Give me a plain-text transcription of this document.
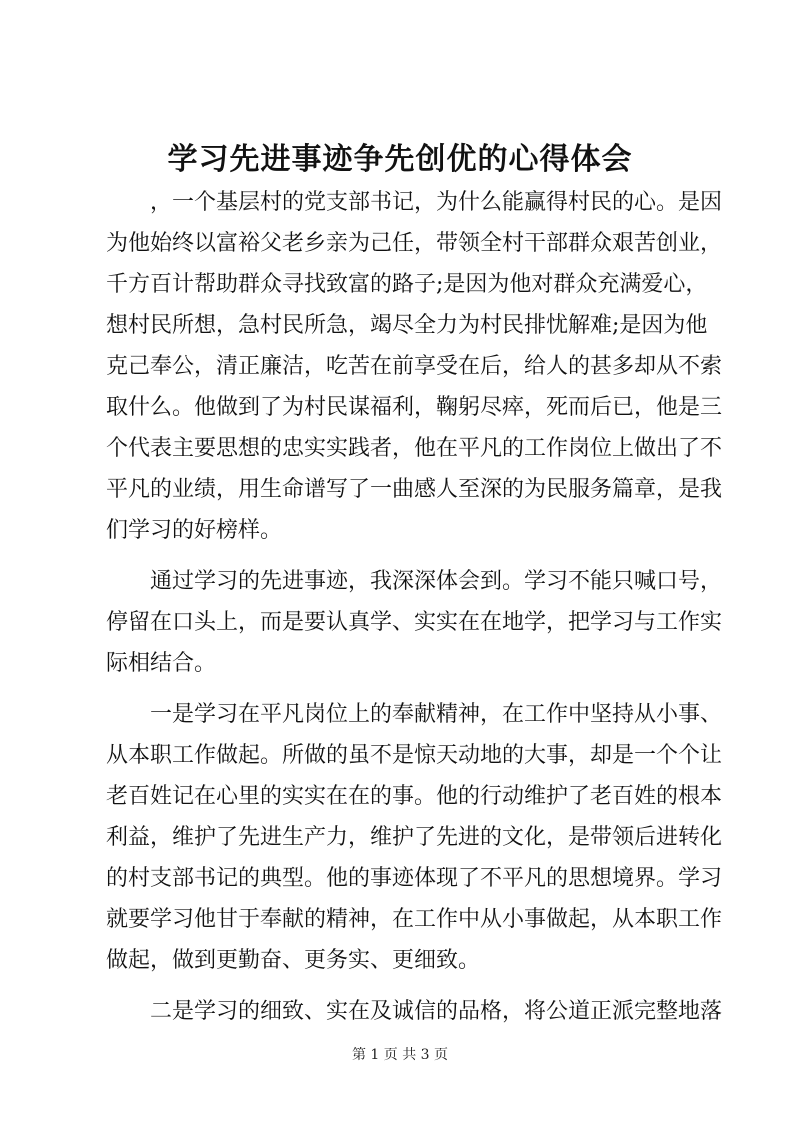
学习先进事迹争先创优的心得体会
　　，一个基层村的党支部书记，为什么能赢得村民的心。是因
为他始终以富裕父老乡亲为己任，带领全村干部群众艰苦创业，
千方百计帮助群众寻找致富的路子;是因为他对群众充满爱心，
想村民所想，急村民所急，竭尽全力为村民排忧解难;是因为他
克己奉公，清正廉洁，吃苦在前享受在后，给人的甚多却从不索
取什么。他做到了为村民谋福利，鞠躬尽瘁，死而后已，他是三
个代表主要思想的忠实实践者，他在平凡的工作岗位上做出了不
平凡的业绩，用生命谱写了一曲感人至深的为民服务篇章，是我
们学习的好榜样。
　　通过学习的先进事迹，我深深体会到。学习不能只喊口号，
停留在口头上，而是要认真学、实实在在地学，把学习与工作实
际相结合。
　　一是学习在平凡岗位上的奉献精神，在工作中坚持从小事、
从本职工作做起。所做的虽不是惊天动地的大事，却是一个个让
老百姓记在心里的实实在在的事。他的行动维护了老百姓的根本
利益，维护了先进生产力，维护了先进的文化，是带领后进转化
的村支部书记的典型。他的事迹体现了不平凡的思想境界。学习
就要学习他甘于奉献的精神，在工作中从小事做起，从本职工作
做起，做到更勤奋、更务实、更细致。
　　二是学习的细致、实在及诚信的品格，将公道正派完整地落
第 1 页 共 3 页
